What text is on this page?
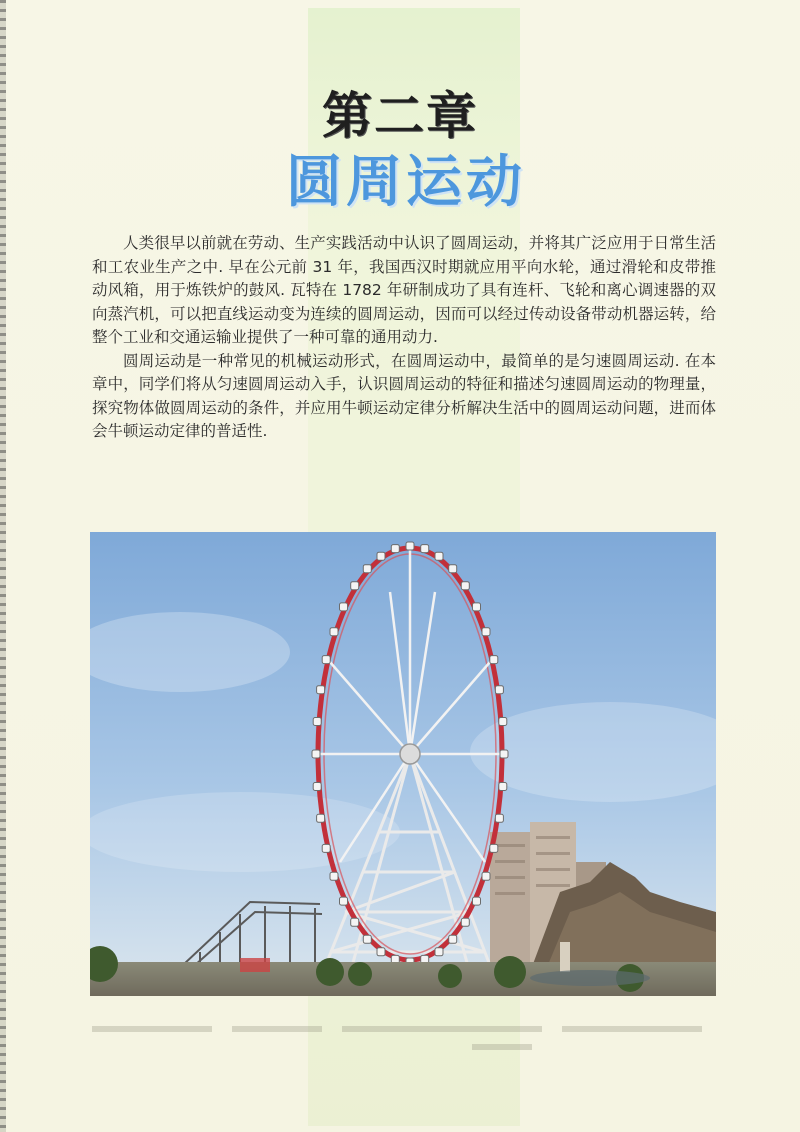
第二章
圆周运动

人类很早以前就在劳动、生产实践活动中认识了圆周运动，并将其广泛应用于日常生活和工农业生产之中. 早在公元前 31 年，我国西汉时期就应用平向水轮，通过滑轮和皮带推动风箱，用于炼铁炉的鼓风. 瓦特在 1782 年研制成功了具有连杆、飞轮和离心调速器的双向蒸汽机，可以把直线运动变为连续的圆周运动，因而可以经过传动设备带动机器运转，给整个工业和交通运输业提供了一种可靠的通用动力.

圆周运动是一种常见的机械运动形式，在圆周运动中，最简单的是匀速圆周运动. 在本章中，同学们将从匀速圆周运动入手，认识圆周运动的特征和描述匀速圆周运动的物理量，探究物体做圆周运动的条件，并应用牛顿运动定律分析解决生活中的圆周运动问题，进而体会牛顿运动定律的普适性.
